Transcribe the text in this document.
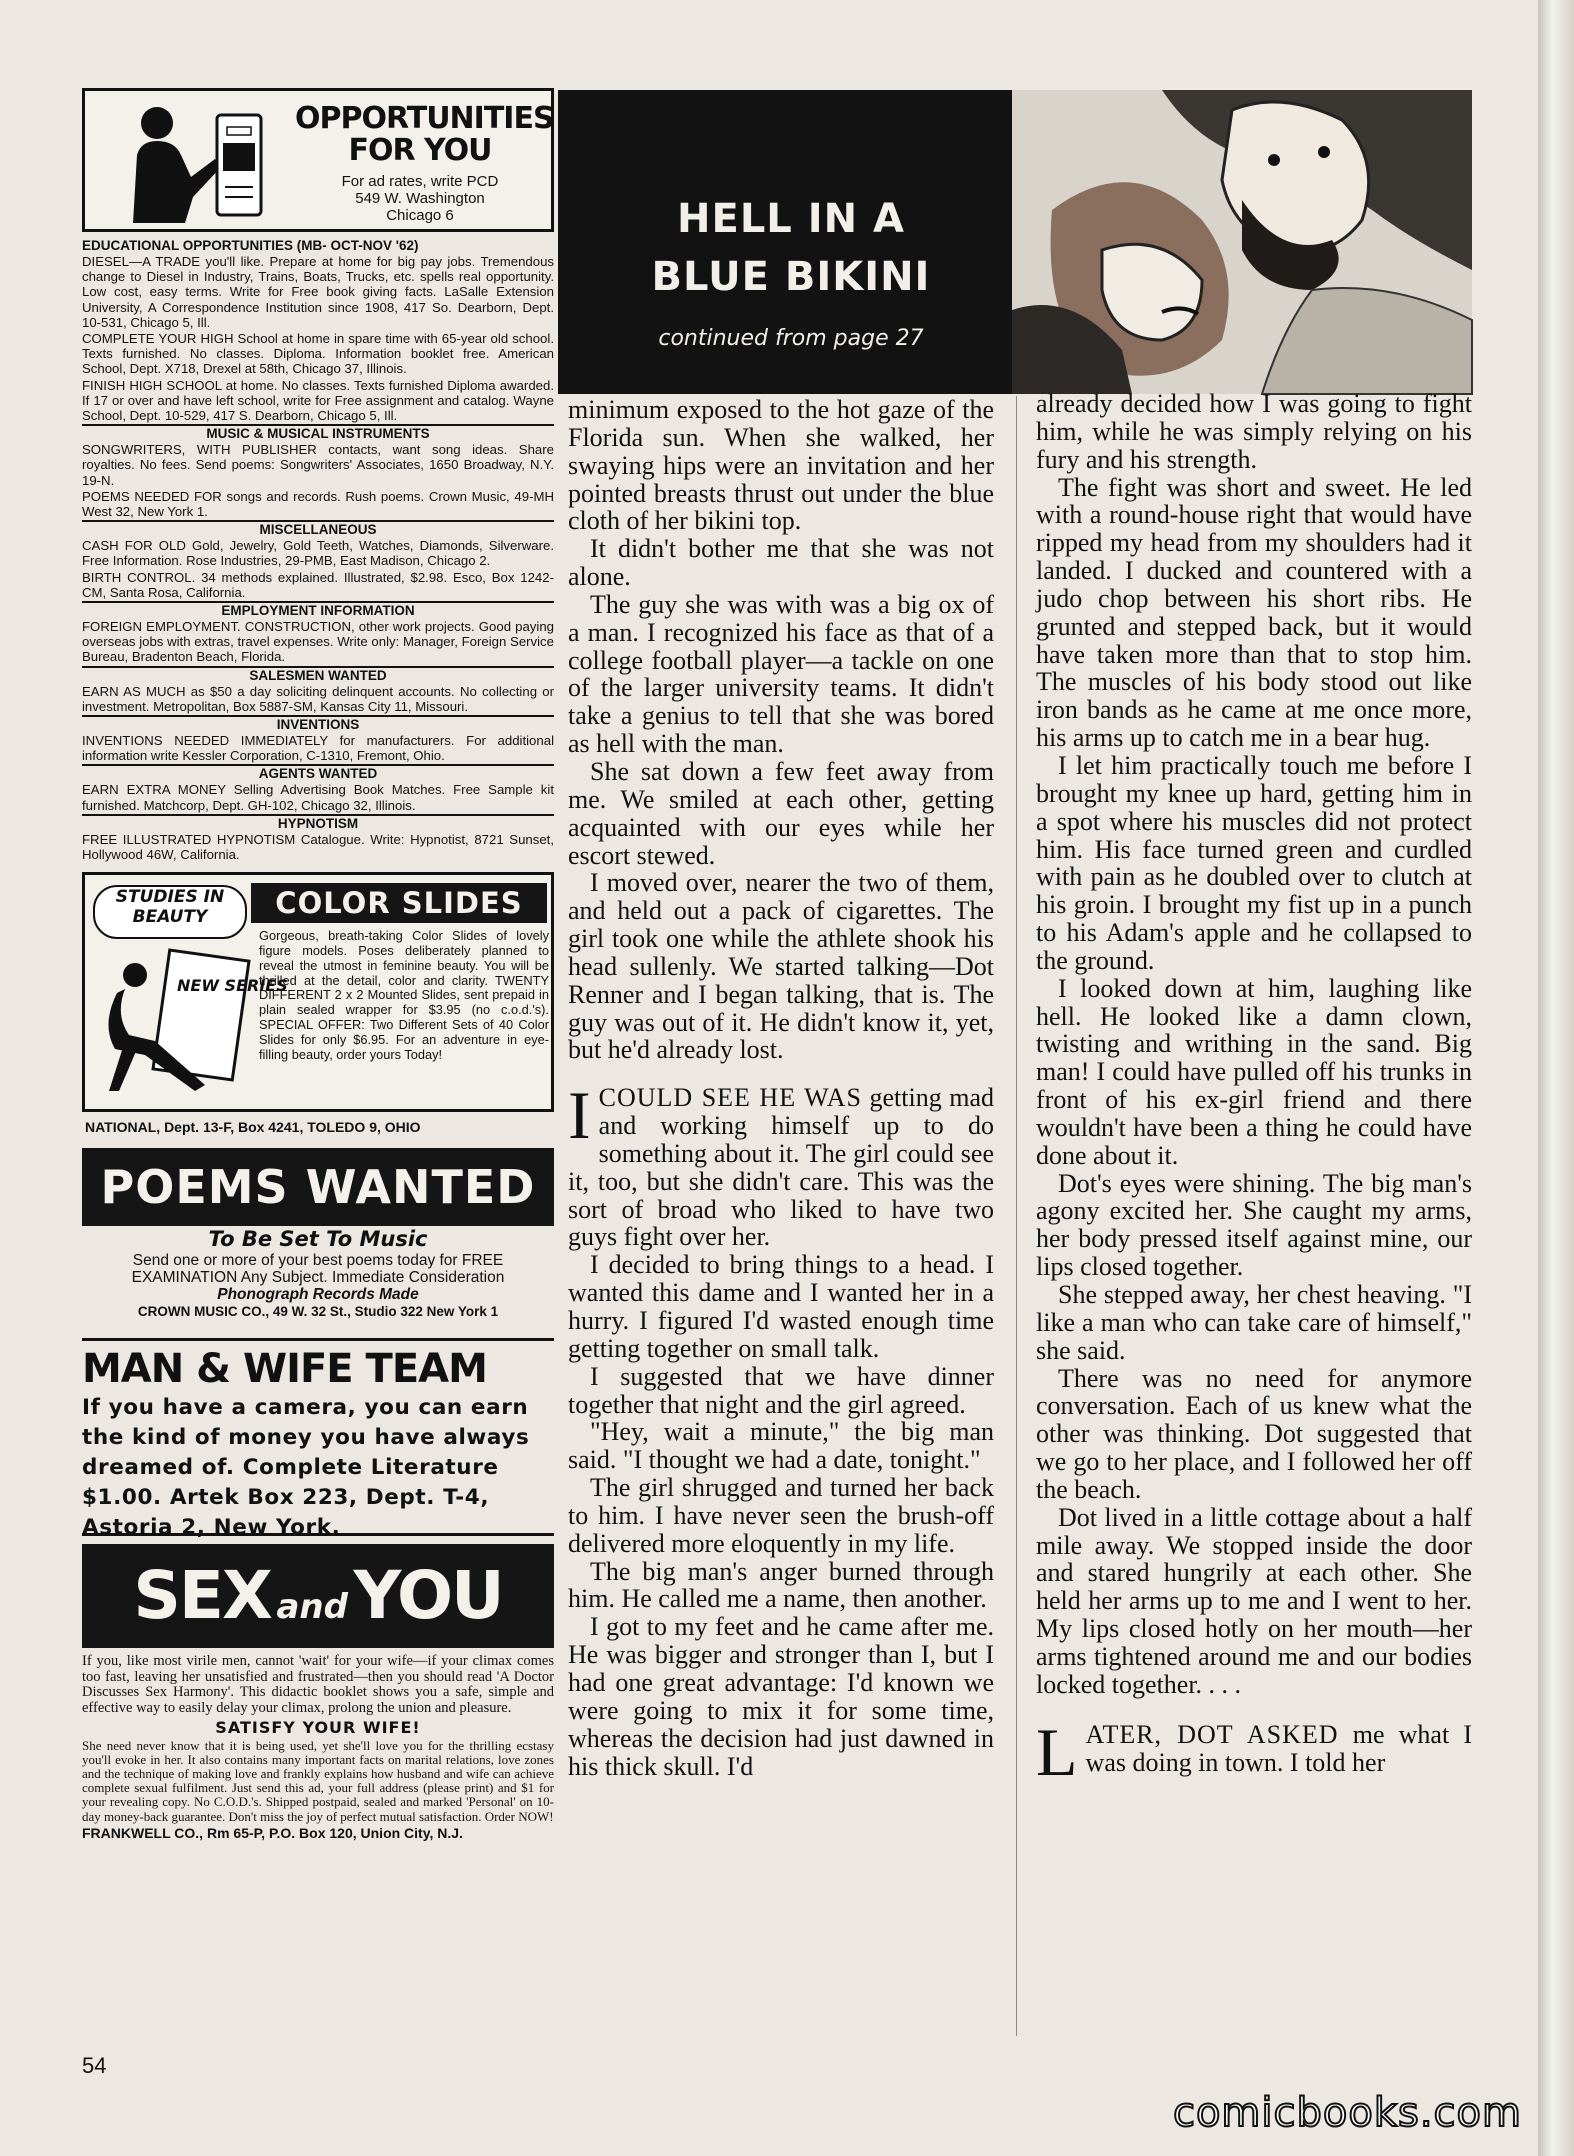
OPPORTUNITIES
FOR YOU
For ad rates, write PCD
549 W. Washington
Chicago 6
EDUCATIONAL OPPORTUNITIES (MB- OCT-NOV '62)
DIESEL—A TRADE you'll like. Prepare at home for big pay jobs. Tremendous change to Diesel in Industry, Trains, Boats, Trucks, etc. spells real opportunity. Low cost, easy terms. Write for Free book giving facts. LaSalle Extension University, A Correspondence Institution since 1908, 417 So. Dearborn, Dept. 10-531, Chicago 5, Ill.
COMPLETE YOUR HIGH School at home in spare time with 65-year old school. Texts furnished. No classes. Diploma. Information booklet free. American School, Dept. X718, Drexel at 58th, Chicago 37, Illinois.
FINISH HIGH SCHOOL at home. No classes. Texts furnished Diploma awarded. If 17 or over and have left school, write for Free assignment and catalog. Wayne School, Dept. 10-529, 417 S. Dearborn, Chicago 5, Ill.
MUSIC & MUSICAL INSTRUMENTS
SONGWRITERS, WITH PUBLISHER contacts, want song ideas. Share royalties. No fees. Send poems: Songwriters' Associates, 1650 Broadway, N.Y. 19-N.
POEMS NEEDED FOR songs and records. Rush poems. Crown Music, 49-MH West 32, New York 1.
MISCELLANEOUS
CASH FOR OLD Gold, Jewelry, Gold Teeth, Watches, Diamonds, Silverware. Free Information. Rose Industries, 29-PMB, East Madison, Chicago 2.
BIRTH CONTROL. 34 methods explained. Illustrated, $2.98. Esco, Box 1242-CM, Santa Rosa, California.
EMPLOYMENT INFORMATION
FOREIGN EMPLOYMENT. CONSTRUCTION, other work projects. Good paying overseas jobs with extras, travel expenses. Write only: Manager, Foreign Service Bureau, Bradenton Beach, Florida.
SALESMEN WANTED
EARN AS MUCH as $50 a day soliciting delinquent accounts. No collecting or investment. Metropolitan, Box 5887-SM, Kansas City 11, Missouri.
INVENTIONS
INVENTIONS NEEDED IMMEDIATELY for manufacturers. For additional information write Kessler Corporation, C-1310, Fremont, Ohio.
AGENTS WANTED
EARN EXTRA MONEY Selling Advertising Book Matches. Free Sample kit furnished. Matchcorp, Dept. GH-102, Chicago 32, Illinois.
HYPNOTISM
FREE ILLUSTRATED HYPNOTISM Catalogue. Write: Hypnotist, 8721 Sunset, Hollywood 46W, California.
STUDIES IN BEAUTY	COLOR SLIDES
NEW SERIES
Gorgeous, breath-taking Color Slides of lovely figure models. Poses deliberately planned to reveal the utmost in feminine beauty. You will be thrilled at the detail, color and clarity. TWENTY DIFFERENT 2 x 2 Mounted Slides, sent prepaid in plain sealed wrapper for $3.95 (no c.o.d.'s). SPECIAL OFFER: Two Different Sets of 40 Color Slides for only $6.95. For an adventure in eye-filling beauty, order yours Today!
NATIONAL, Dept. 13-F, Box 4241, TOLEDO 9, OHIO
POEMS WANTED
To Be Set To Music
Send one or more of your best poems today for FREE EXAMINATION Any Subject. Immediate Consideration
Phonograph Records Made
CROWN MUSIC CO., 49 W. 32 St., Studio 322 New York 1
MAN & WIFE TEAM
If you have a camera, you can earn the kind of money you have always dreamed of. Complete Literature $1.00. Artek Box 223, Dept. T-4, Astoria 2, New York.
SEX and YOU
If you, like most virile men, cannot 'wait' for your wife—if your climax comes too fast, leaving her unsatisfied and frustrated—then you should read 'A Doctor Discusses Sex Harmony'. This didactic booklet shows you a safe, simple and effective way to easily delay your climax, prolong the union and pleasure.
SATISFY YOUR WIFE!
She need never know that it is being used, yet she'll love you for the thrilling ecstasy you'll evoke in her. It also contains many important facts on marital relations, love zones and the technique of making love and frankly explains how husband and wife can achieve complete sexual fulfilment. Just send this ad, your full address (please print) and $1 for your revealing copy. No C.O.D.'s. Shipped postpaid, sealed and marked 'Personal' on 10-day money-back guarantee. Don't miss the joy of perfect mutual satisfaction. Order NOW!
FRANKWELL CO., Rm 65-P, P.O. Box 120, Union City, N.J.
54
HELL IN A
BLUE BIKINI
continued from page 27

minimum exposed to the hot gaze of the Florida sun. When she walked, her swaying hips were an invitation and her pointed breasts thrust out under the blue cloth of her bikini top.

It didn't bother me that she was not alone.

The guy she was with was a big ox of a man. I recognized his face as that of a college football player—a tackle on one of the larger university teams. It didn't take a genius to tell that she was bored as hell with the man.

She sat down a few feet away from me. We smiled at each other, getting acquainted with our eyes while her escort stewed.

I moved over, nearer the two of them, and held out a pack of cigarettes. The girl took one while the athlete shook his head sullenly. We started talking—Dot Renner and I began talking, that is. The guy was out of it. He didn't know it, yet, but he'd already lost.

ICOULD SEE HE WAS getting mad and working himself up to do something about it. The girl could see it, too, but she didn't care. This was the sort of broad who liked to have two guys fight over her.

I decided to bring things to a head. I wanted this dame and I wanted her in a hurry. I figured I'd wasted enough time getting together on small talk.

I suggested that we have dinner together that night and the girl agreed.

"Hey, wait a minute," the big man said. "I thought we had a date, tonight."

The girl shrugged and turned her back to him. I have never seen the brush-off delivered more eloquently in my life.

The big man's anger burned through him. He called me a name, then another.

I got to my feet and he came after me. He was bigger and stronger than I, but I had one great advantage: I'd known we were going to mix it for some time, whereas the decision had just dawned in his thick skull. I'd

already decided how I was going to fight him, while he was simply relying on his fury and his strength.

The fight was short and sweet. He led with a round-house right that would have ripped my head from my shoulders had it landed. I ducked and countered with a judo chop between his short ribs. He grunted and stepped back, but it would have taken more than that to stop him. The muscles of his body stood out like iron bands as he came at me once more, his arms up to catch me in a bear hug.

I let him practically touch me before I brought my knee up hard, getting him in a spot where his muscles did not protect him. His face turned green and curdled with pain as he doubled over to clutch at his groin. I brought my fist up in a punch to his Adam's apple and he collapsed to the ground.

I looked down at him, laughing like hell. He looked like a damn clown, twisting and writhing in the sand. Big man! I could have pulled off his trunks in front of his ex-girl friend and there wouldn't have been a thing he could have done about it.

Dot's eyes were shining. The big man's agony excited her. She caught my arms, her body pressed itself against mine, our lips closed together.

She stepped away, her chest heaving. "I like a man who can take care of himself," she said.

There was no need for anymore conversation. Each of us knew what the other was thinking. Dot suggested that we go to her place, and I followed her off the beach.

Dot lived in a little cottage about a half mile away. We stopped inside the door and stared hungrily at each other. She held her arms up to me and I went to her. My lips closed hotly on her mouth—her arms tightened around me and our bodies locked together. . . .

LATER, DOT ASKED me what I was doing in town. I told her

comicbooks.com
